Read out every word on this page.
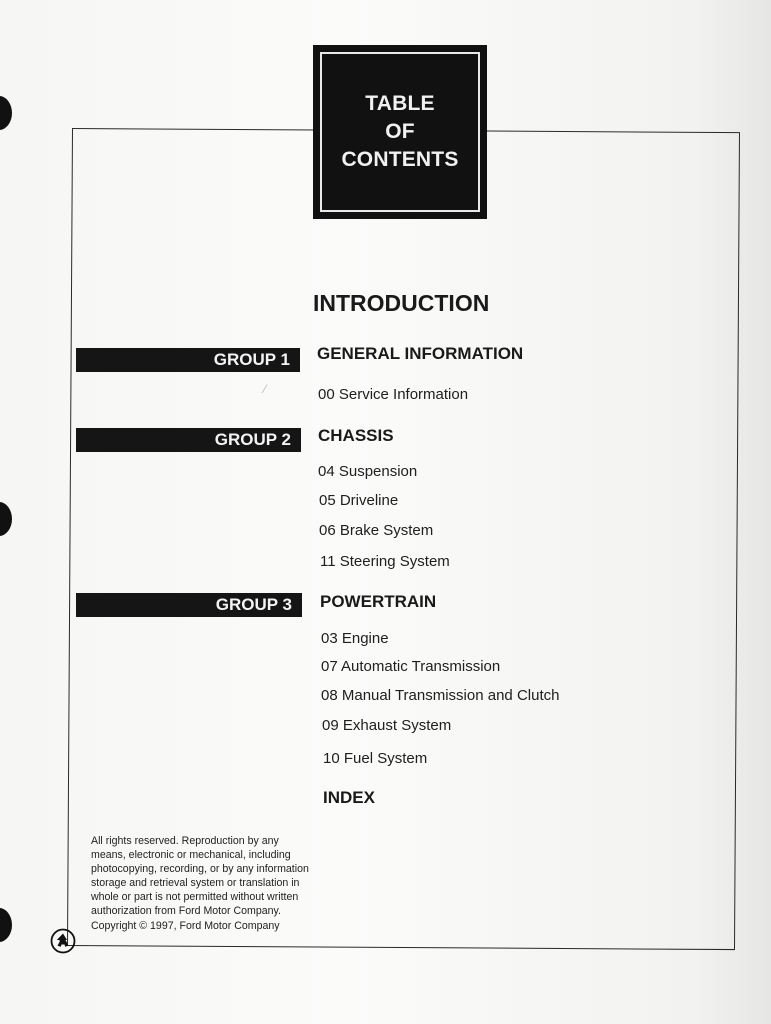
TABLE
OF
CONTENTS
INTRODUCTION
GROUP 1 GENERAL INFORMATION
00 Service Information
GROUP 2 CHASSIS
04 Suspension
05 Driveline
06 Brake System
11 Steering System
GROUP 3 POWERTRAIN
03 Engine
07 Automatic Transmission
08 Manual Transmission and Clutch
09 Exhaust System
10 Fuel System
INDEX
All rights reserved. Reproduction by any means, electronic or mechanical, including photocopying, recording, or by any information storage and retrieval system or translation in whole or part is not permitted without written authorization from Ford Motor Company.
Copyright © 1997, Ford Motor Company
⁄
